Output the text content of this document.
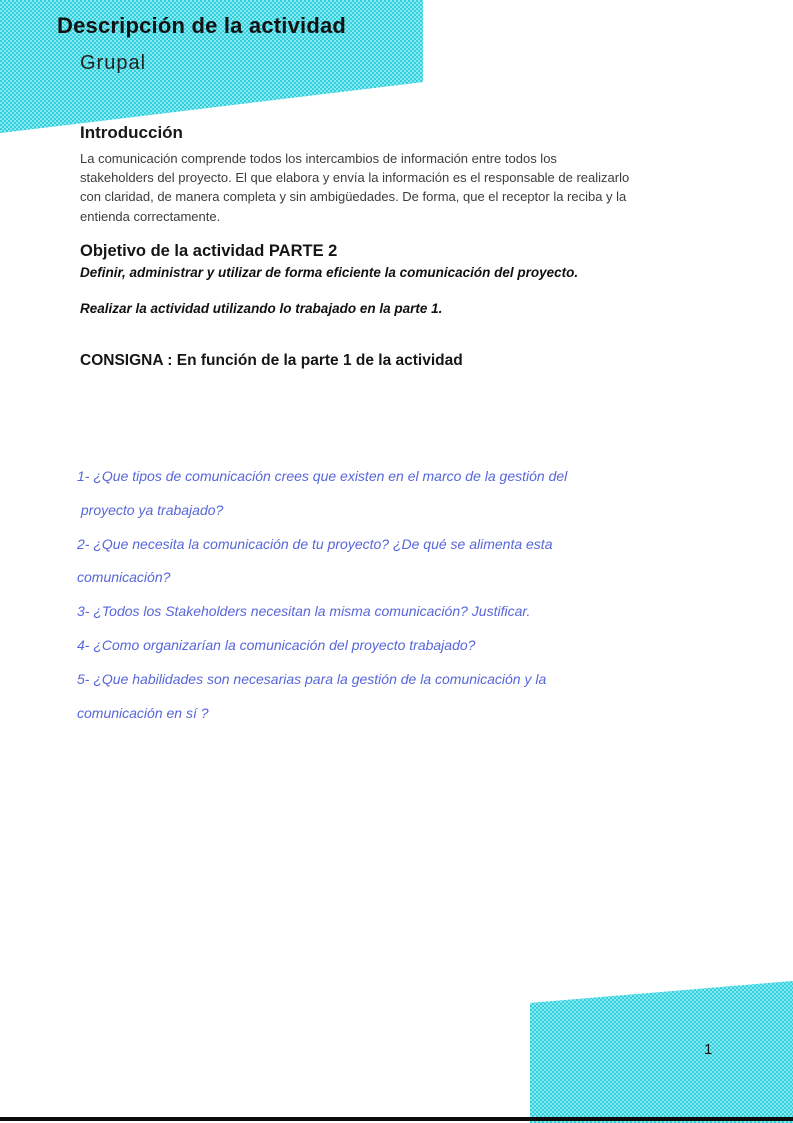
Descripción de la actividad
Grupal
Introducción
La comunicación comprende todos los intercambios de información entre todos los
stakeholders del proyecto. El que elabora y envía la información es el responsable de realizarlo
con claridad, de manera completa y sin ambigüedades. De forma, que el receptor la reciba y la
entienda correctamente.
Objetivo de la actividad PARTE 2
Definir, administrar y utilizar de forma eficiente la comunicación del proyecto.
Realizar la actividad utilizando lo trabajado en la parte 1.
CONSIGNA : En función de la parte 1 de la actividad
1- ¿Que tipos de comunicación crees que existen en el marco de la gestión del
proyecto ya trabajado?
2- ¿Que necesita la comunicación de tu proyecto? ¿De qué se alimenta esta
comunicación?
3- ¿Todos los Stakeholders necesitan la misma comunicación? Justificar.
4- ¿Como organizarían la comunicación del proyecto trabajado?
5- ¿Que habilidades son necesarias para la gestión de la comunicación y la
comunicación en sí ?
1
